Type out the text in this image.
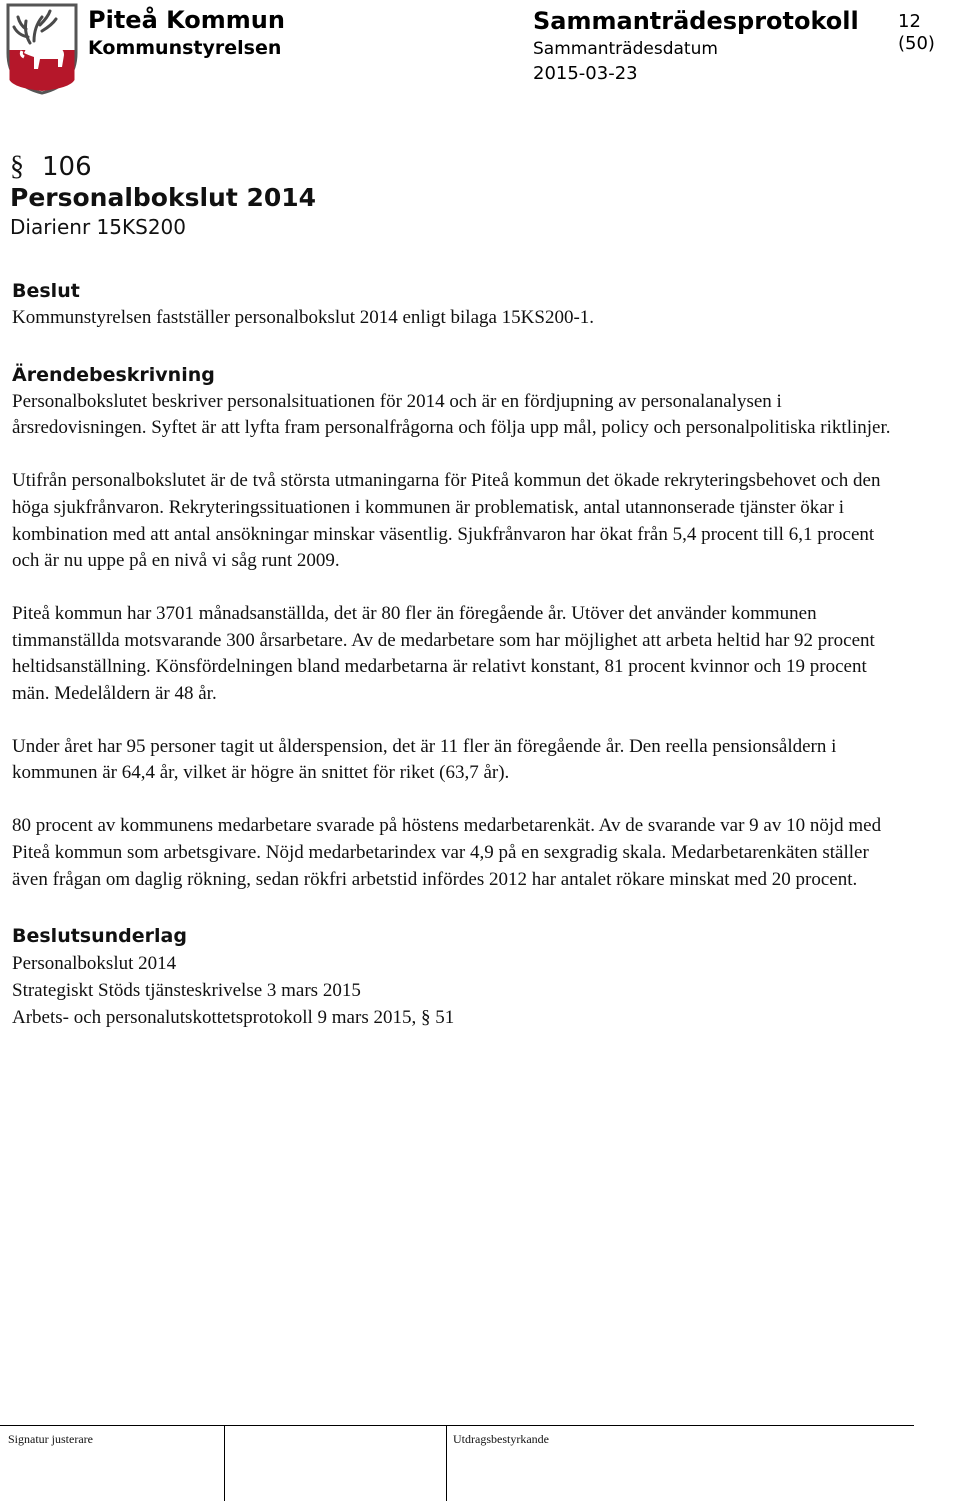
Piteå Kommun
Kommunstyrelsen
Sammanträdesprotokoll
Sammanträdesdatum
2015-03-23
12 (50)
§ 106
Personalbokslut 2014
Diarienr 15KS200
Beslut

Kommunstyrelsen fastställer personalbokslut 2014 enligt bilaga 15KS200-1.

Ärendebeskrivning

Personalbokslutet beskriver personalsituationen för 2014 och är en fördjupning av personalanalysen i årsredovisningen. Syftet är att lyfta fram personalfrågorna och följa upp mål, policy och personalpolitiska riktlinjer.

Utifrån personalbokslutet är de två största utmaningarna för Piteå kommun det ökade rekryteringsbehovet och den höga sjukfrånvaron. Rekryteringssituationen i kommunen är problematisk, antal utannonserade tjänster ökar i kombination med att antal ansökningar minskar väsentlig. Sjukfrånvaron har ökat från 5,4 procent till 6,1 procent och är nu uppe på en nivå vi såg runt 2009.

Piteå kommun har 3701 månadsanställda, det är 80 fler än föregående år. Utöver det använder kommunen timmanställda motsvarande 300 årsarbetare. Av de medarbetare som har möjlighet att arbeta heltid har 92 procent heltidsanställning. Könsfördelningen bland medarbetarna är relativt konstant, 81 procent kvinnor och 19 procent män. Medelåldern är 48 år.

Under året har 95 personer tagit ut ålderspension, det är 11 fler än föregående år. Den reella pensionsåldern i kommunen är 64,4 år, vilket är högre än snittet för riket (63,7 år).

80 procent av kommunens medarbetare svarade på höstens medarbetarenkät. Av de svarande var 9 av 10 nöjd med Piteå kommun som arbetsgivare. Nöjd medarbetarindex var 4,9 på en sexgradig skala. Medarbetarenkäten ställer även frågan om daglig rökning, sedan rökfri arbetstid infördes 2012 har antalet rökare minskat med 20 procent.

Beslutsunderlag

Personalbokslut 2014

Strategiskt Stöds tjänsteskrivelse 3 mars 2015

Arbets- och personalutskottetsprotokoll 9 mars 2015, § 51

Signatur justerare	Utdragsbestyrkande
